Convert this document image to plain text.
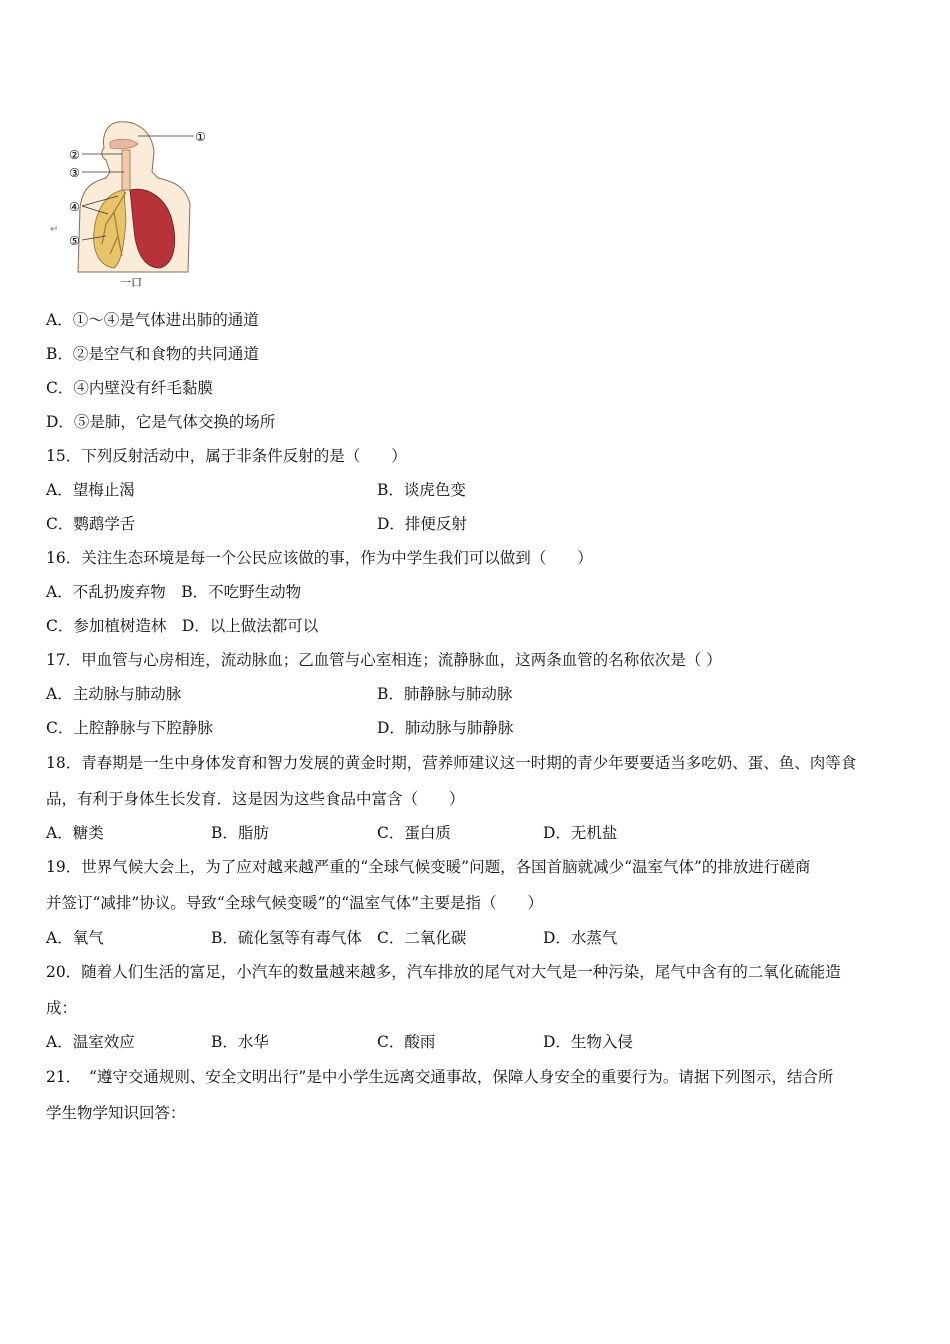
①
②
③
④
⑤
↵
一口
A．①～④是气体进出肺的通道
B．②是空气和食物的共同通道
C．④内壁没有纤毛黏膜
D．⑤是肺，它是气体交换的场所
15．下列反射活动中，属于非条件反射的是（　　）
A．望梅止渴	B．谈虎色变
C．鹦鹉学舌	D．排便反射
16．关注生态环境是每一个公民应该做的事，作为中学生我们可以做到（　　）
A．不乱扔废弃物　B．不吃野生动物
C．参加植树造林　D．以上做法都可以
17．甲血管与心房相连，流动脉血；乙血管与心室相连；流静脉血，这两条血管的名称依次是（ ）
A．主动脉与肺动脉	B．肺静脉与肺动脉
C．上腔静脉与下腔静脉	D．肺动脉与肺静脉
18．青春期是一生中身体发育和智力发展的黄金时期，营养师建议这一时期的青少年要要适当多吃奶、蛋、鱼、肉等食
品，有利于身体生长发育．这是因为这些食品中富含（　　）
A．糖类	B．脂肪	C．蛋白质	D．无机盐
19．世界气候大会上，为了应对越来越严重的“全球气候变暖”问题，各国首脑就减少“温室气体”的排放进行磋商
并签订“减排”协议。导致“全球气候变暖”的“温室气体”主要是指（　　）
A．氧气	B．硫化氢等有毒气体 C．二氧化碳	D．水蒸气
20．随着人们生活的富足，小汽车的数量越来越多，汽车排放的尾气对大气是一种污染，尾气中含有的二氧化硫能造
成：
A．温室效应	B．水华	C．酸雨	D．生物入侵
21．　“遵守交通规则、安全文明出行”是中小学生远离交通事故，保障人身安全的重要行为。请据下列图示，结合所
学生物学知识回答：
